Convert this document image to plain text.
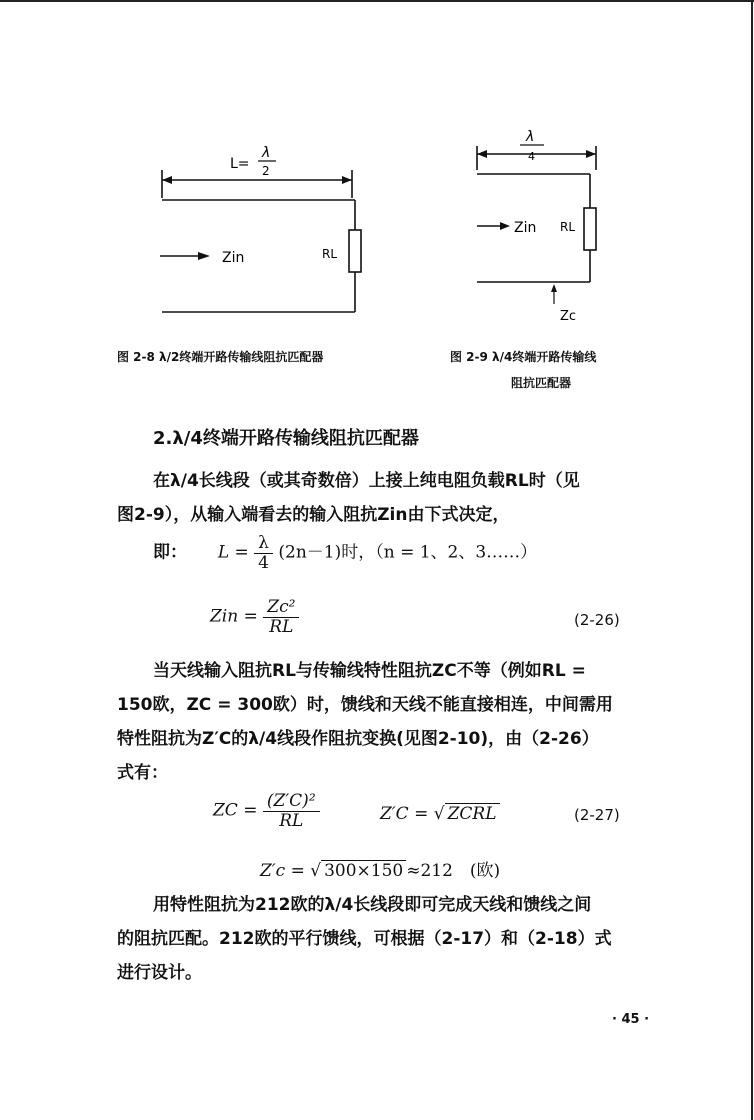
L=
λ
2
Zin	RL
λ
4
Zin RL
Zc
图 2-8 λ/2终端开路传输线阻抗匹配器	图 2-9 λ/4终端开路传输线
阻抗匹配器
2.λ/4终端开路传输线阻抗匹配器
在λ/4长线段（或其奇数倍）上接上纯电阻负载RL时（见
图2-9），从输入端看去的输入阻抗Zin由下式决定，
即： $L = \frac{\lambda}{4} (2n-1)$时，（n = 1、2、3……）
Zin = $\frac{\text{Zc²}}{RL}$	(2-26)
当天线输入阻抗RL与传输线特性阻抗ZC不等（例如RL =
150欧，ZC = 300欧）时，馈线和天线不能直接相连，中间需用
特性阻抗为Z′C的λ/4线段作阻抗变换(见图2-10)，由（2-26）
式有：
ZC = $\frac{\text{(Z′C)²}}{RL}$	Z′C = √ ZCRL	(2-27)
Z′c = √ 300×150 ≈212　(欧)
用特性阻抗为212欧的λ/4长线段即可完成天线和馈线之间
的阻抗匹配。212欧的平行馈线，可根据（2-17）和（2-18）式
进行设计。
· 45 ·
